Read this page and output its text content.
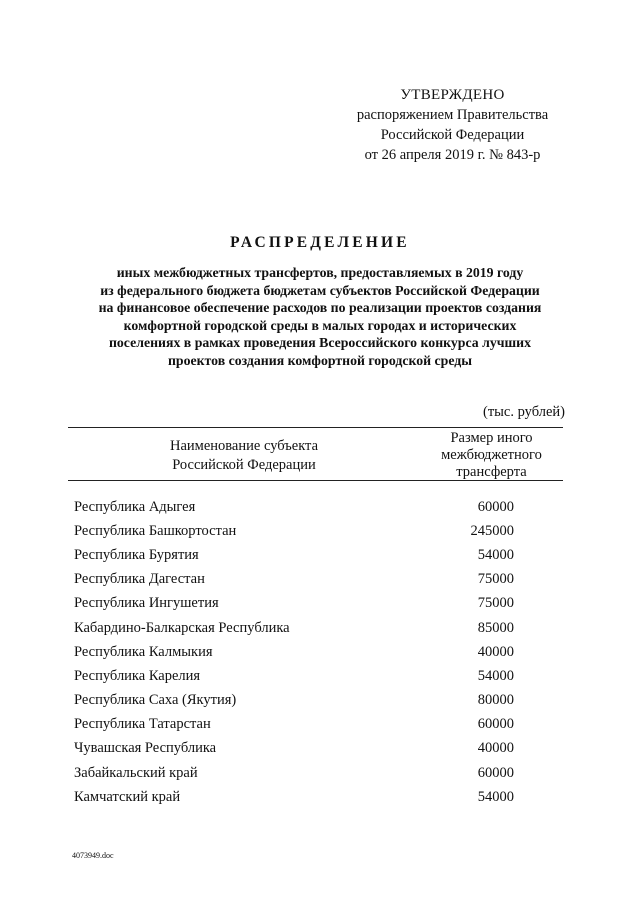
УТВЕРЖДЕНО
распоряжением Правительства
Российской Федерации
от 26 апреля 2019 г. № 843-р
РАСПРЕДЕЛЕНИЕ
иных межбюджетных трансфертов, предоставляемых в 2019 году
из федерального бюджета бюджетам субъектов Российской Федерации
на финансовое обеспечение расходов по реализации проектов создания
комфортной городской среды в малых городах и исторических
поселениях в рамках проведения Всероссийского конкурса лучших
проектов создания комфортной городской среды
(тыс. рублей)
Наименование субъекта
Российской Федерации
Размер иного
межбюджетного
трансферта
Республика Адыгея	60000
Республика Башкортостан	245000
Республика Бурятия	54000
Республика Дагестан	75000
Республика Ингушетия	75000
Кабардино-Балкарская Республика	85000
Республика Калмыкия	40000
Республика Карелия	54000
Республика Саха (Якутия)	80000
Республика Татарстан	60000
Чувашская Республика	40000
Забайкальский край	60000
Камчатский край	54000
4073949.doc
